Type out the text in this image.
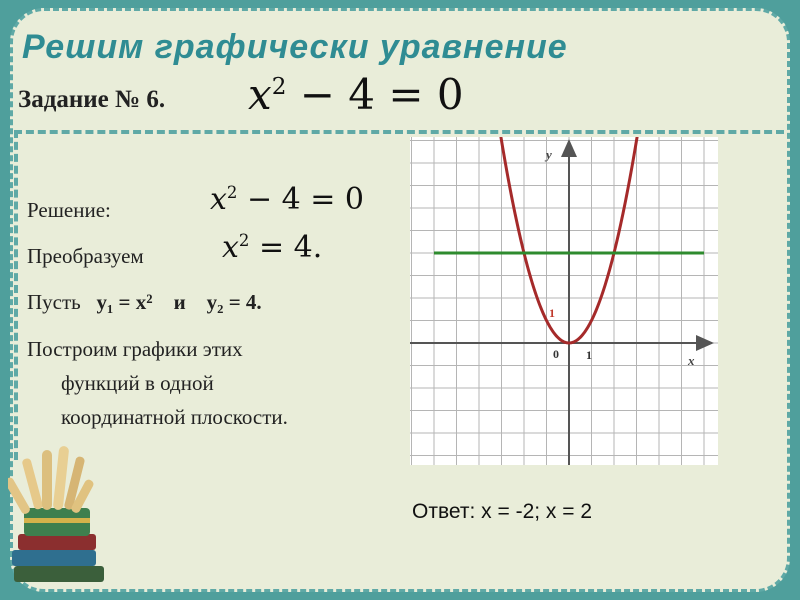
Решим графически уравнение
Задание № 6. $x^2 - 4 = 0$
Решение:	$x^2 - 4 = 0$
Преобразуем	$x^2 = 4$.
Пусть y₁ = x² и y₂ = 4.
Построим графики этих
функций в одной
координатной плоскости.
x
y
0 1
1
Ответ: х = -2; х = 2
